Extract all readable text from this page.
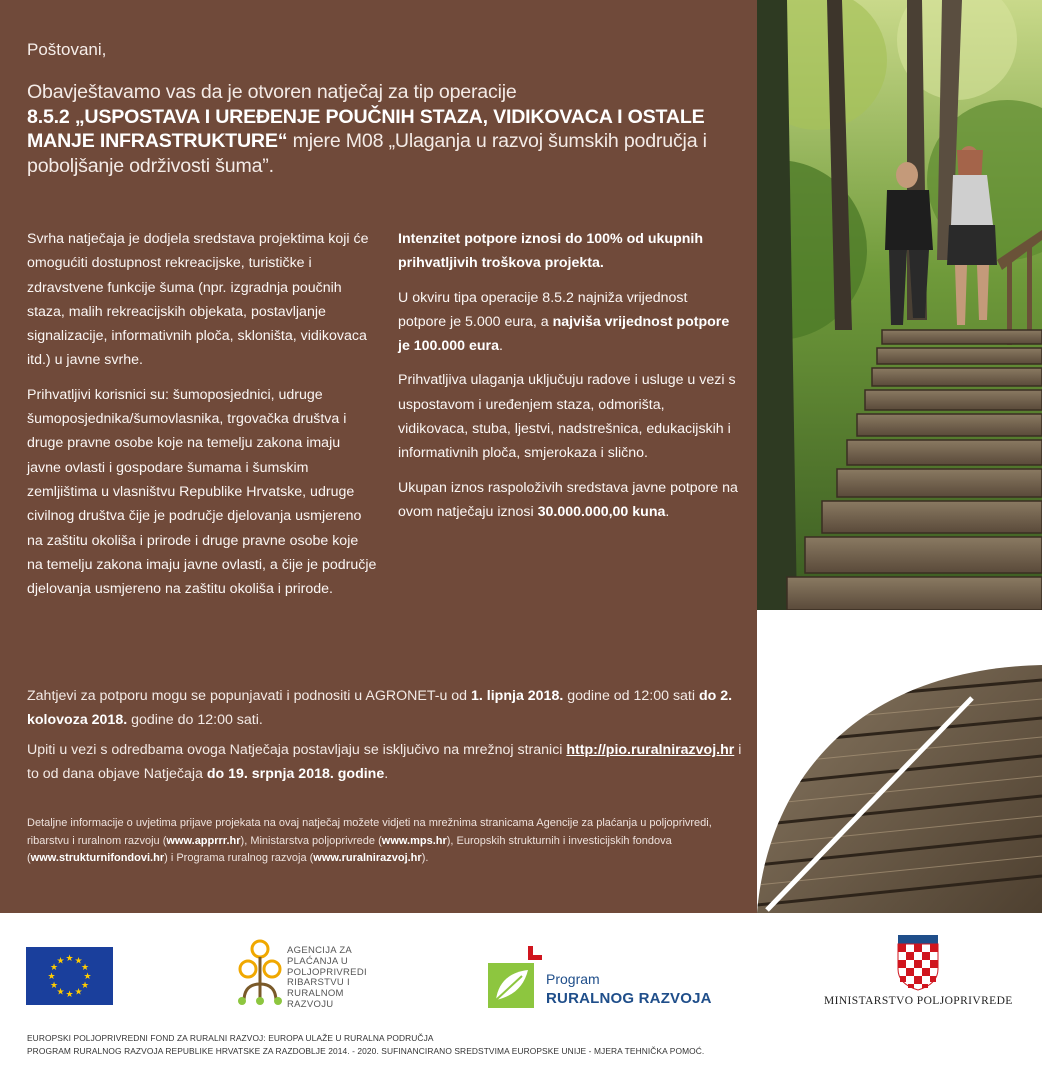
Poštovani,
Obavještavamo vas da je otvoren natječaj za tip operacije
8.5.2 „USPOSTAVA I UREĐENJE POUČNIH STAZA, VIDIKOVACA I OSTALE MANJE INFRASTRUKTURE“ mjere M08 „Ulaganja u razvoj šumskih područja i poboljšanje održivosti šuma”.

Svrha natječaja je dodjela sredstava projektima koji će omogućiti dostupnost rekreacijske, turističke i zdravstvene funkcije šuma (npr. izgradnja poučnih staza, malih rekreacijskih objekata, postavljanje signalizacije, informativnih ploča, skloništa, vidikovaca itd.) u javne svrhe.

Prihvatljivi korisnici su: šumoposjednici, udruge šumoposjednika/šumovlasnika, trgovačka društva i druge pravne osobe koje na temelju zakona imaju javne ovlasti i gospodare šumama i šumskim zemljištima u vlasništvu Republike Hrvatske, udruge civilnog društva čije je područje djelovanja usmjereno na zaštitu okoliša i prirode i druge pravne osobe koje na temelju zakona imaju javne ovlasti, a čije je područje djelovanja usmjereno na zaštitu okoliša i prirode.

Intenzitet potpore iznosi do 100% od ukupnih prihvatljivih troškova projekta.

U okviru tipa operacije 8.5.2 najniža vrijednost potpore je 5.000 eura, a najviša vrijednost potpore je 100.000 eura.

Prihvatljiva ulaganja uključuju radove i usluge u vezi s uspostavom i uređenjem staza, odmorišta, vidikovaca, stuba, ljestvi, nadstrešnica, edukacijskih i informativnih ploča, smjerokaza i slično.

Ukupan iznos raspoloživih sredstava javne potpore na ovom natječaju iznosi 30.000.000,00 kuna.

Zahtjevi za potporu mogu se popunjavati i podnositi u AGRONET-u od 1. lipnja 2018. godine od 12:00 sati do 2. kolovoza 2018. godine do 12:00 sati.
Upiti u vezi s odredbama ovoga Natječaja postavljaju se isključivo na mrežnoj stranici http://pio.ruralnirazvoj.hr i to od dana objave Natječaja do 19. srpnja 2018. godine.
Detaljne informacije o uvjetima prijave projekata na ovaj natječaj možete vidjeti na mrežnima stranicama Agencije za plaćanja u poljoprivredi, ribarstvu i ruralnom razvoju (www.apprrr.hr), Ministarstva poljoprivrede (www.mps.hr), Europskih strukturnih i investicijskih fondova (www.strukturnifondovi.hr) i Programa ruralnog razvoja (www.ruralnirazvoj.hr).
★ ★
★
★
★
★
★
★
★
★
★
★
AGENCIJA ZA
PLAĆANJA U
POLJOPRIVREDI
RIBARSTVU I
RURALNOM
RAZVOJU
Program
RURALNOG RAZVOJA	MINISTARSTVO POLJOPRIVREDE
EUROPSKI POLJOPRIVREDNI FOND ZA RURALNI RAZVOJ: EUROPA ULAŽE U RURALNA PODRUČJA
PROGRAM RURALNOG RAZVOJA REPUBLIKE HRVATSKE ZA RAZDOBLJE 2014. - 2020. SUFINANCIRANO SREDSTVIMA EUROPSKE UNIJE - MJERA TEHNIČKA POMOĆ.
